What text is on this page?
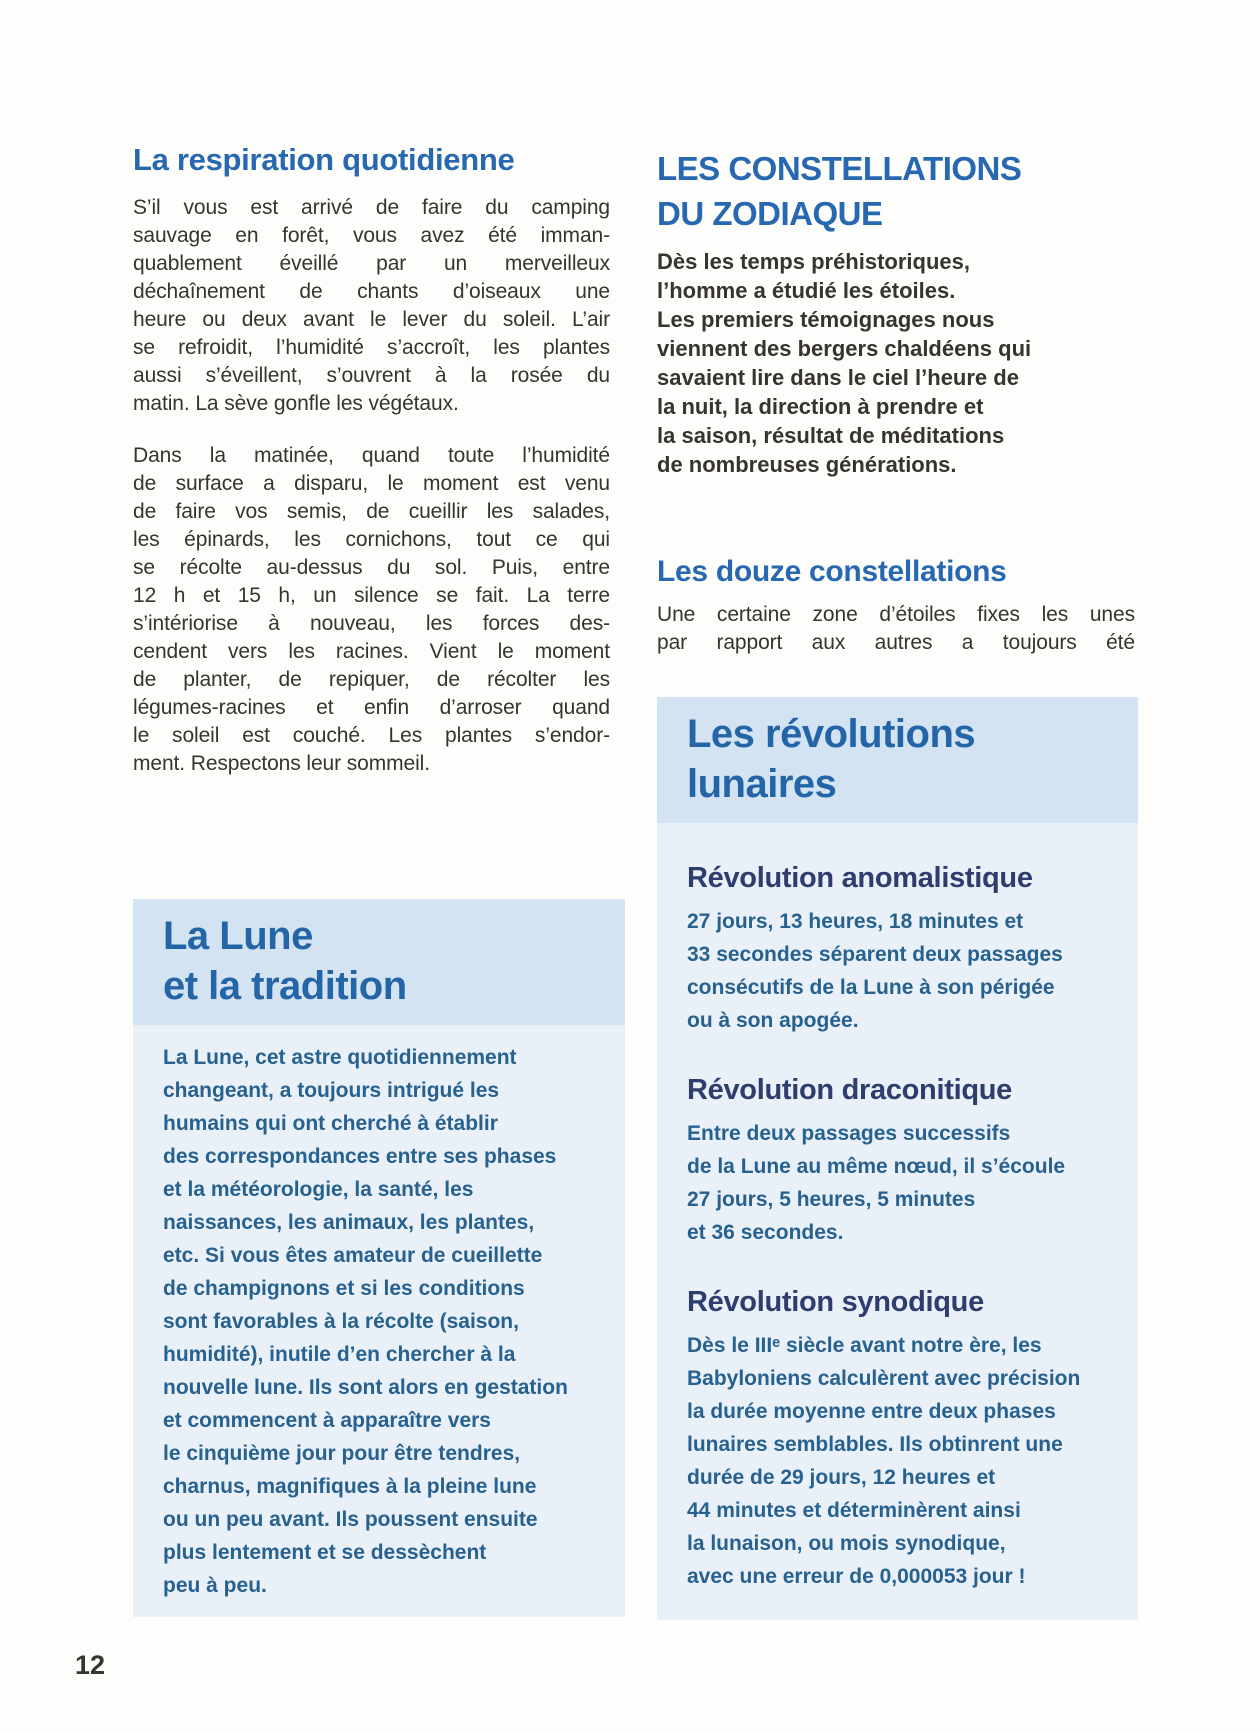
La respiration quotidienne
S’il vous est arrivé de faire du camping
sauvage en forêt, vous avez été imman-
quablement éveillé par un merveilleux
déchaînement de chants d’oiseaux une
heure ou deux avant le lever du soleil. L’air
se refroidit, l’humidité s’accroît, les plantes
aussi s’éveillent, s’ouvrent à la rosée du
matin. La sève gonfle les végétaux.
Dans la matinée, quand toute l’humidité
de surface a disparu, le moment est venu
de faire vos semis, de cueillir les salades,
les épinards, les cornichons, tout ce qui
se récolte au-dessus du sol. Puis, entre
12 h et 15 h, un silence se fait. La terre
s’intériorise à nouveau, les forces des-
cendent vers les racines. Vient le moment
de planter, de repiquer, de récolter les
légumes-racines et enfin d’arroser quand
le soleil est couché. Les plantes s’endor-
ment. Respectons leur sommeil.
La Lune
et la tradition
La Lune, cet astre quotidiennement
changeant, a toujours intrigué les
humains qui ont cherché à établir
des correspondances entre ses phases
et la météorologie, la santé, les
naissances, les animaux, les plantes,
etc. Si vous êtes amateur de cueillette
de champignons et si les conditions
sont favorables à la récolte (saison,
humidité), inutile d’en chercher à la
nouvelle lune. Ils sont alors en gestation
et commencent à apparaître vers
le cinquième jour pour être tendres,
charnus, magnifiques à la pleine lune
ou un peu avant. Ils poussent ensuite
plus lentement et se dessèchent
peu à peu.
LES CONSTELLATIONS
DU ZODIAQUE
Dès les temps préhistoriques,
l’homme a étudié les étoiles.
Les premiers témoignages nous
viennent des bergers chaldéens qui
savaient lire dans le ciel l’heure de
la nuit, la direction à prendre et
la saison, résultat de méditations
de nombreuses générations.
Les douze constellations
Une certaine zone d’étoiles fixes les unes
par rapport aux autres a toujours été
Les révolutions
lunaires
Révolution anomalistique
27 jours, 13 heures, 18 minutes et
33 secondes séparent deux passages
consécutifs de la Lune à son périgée
ou à son apogée.
Révolution draconitique
Entre deux passages successifs
de la Lune au même nœud, il s’écoule
27 jours, 5 heures, 5 minutes
et 36 secondes.
Révolution synodique
Dès le IIIᵉ siècle avant notre ère, les
Babyloniens calculèrent avec précision
la durée moyenne entre deux phases
lunaires semblables. Ils obtinrent une
durée de 29 jours, 12 heures et
44 minutes et déterminèrent ainsi
la lunaison, ou mois synodique,
avec une erreur de 0,000053 jour !
12
